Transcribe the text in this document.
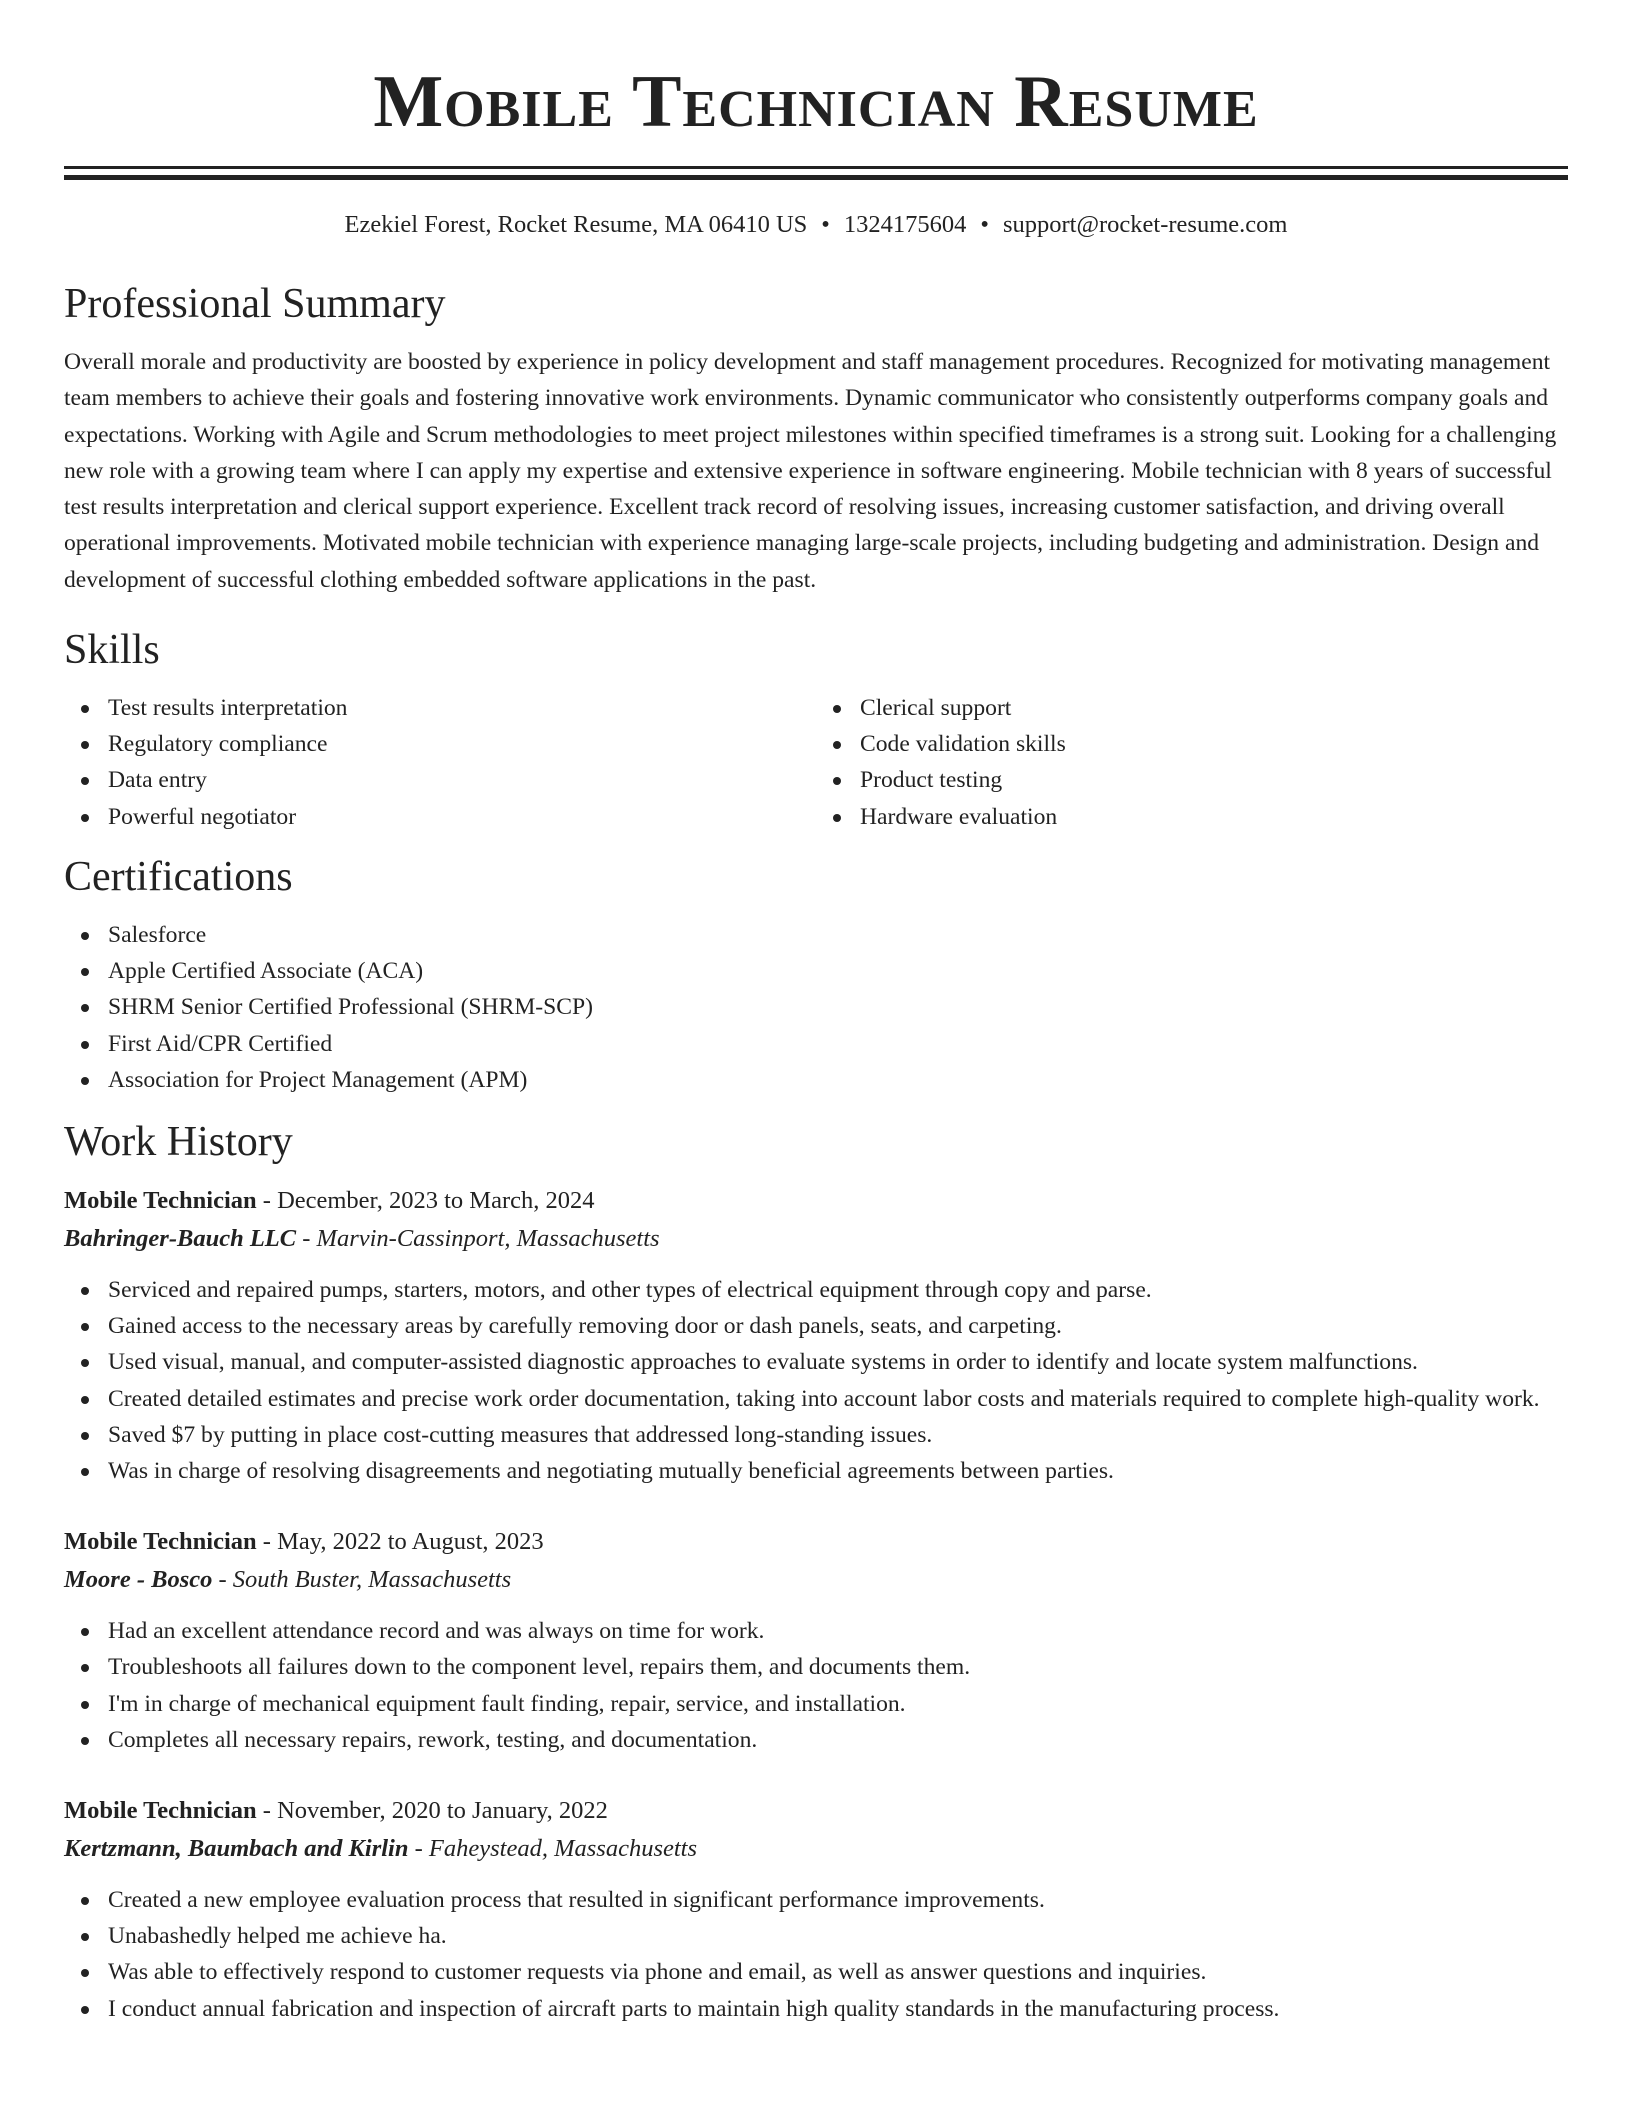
Mobile Technician Resume
Ezekiel Forest, Rocket Resume, MA 06410 US • 1324175604 • support@rocket-resume.com
Professional Summary
Overall morale and productivity are boosted by experience in policy development and staff management procedures. Recognized for motivating management team members to achieve their goals and fostering innovative work environments. Dynamic communicator who consistently outperforms company goals and expectations. Working with Agile and Scrum methodologies to meet project milestones within specified timeframes is a strong suit. Looking for a challenging new role with a growing team where I can apply my expertise and extensive experience in software engineering. Mobile technician with 8 years of successful test results interpretation and clerical support experience. Excellent track record of resolving issues, increasing customer satisfaction, and driving overall operational improvements. Motivated mobile technician with experience managing large-scale projects, including budgeting and administration. Design and development of successful clothing embedded software applications in the past.
Skills
Test results interpretation
Regulatory compliance
Data entry
Powerful negotiator
Clerical support
Code validation skills
Product testing
Hardware evaluation
Certifications
Salesforce
Apple Certified Associate (ACA)
SHRM Senior Certified Professional (SHRM-SCP)
First Aid/CPR Certified
Association for Project Management (APM)
Work History
Mobile Technician - December, 2023 to March, 2024
Bahringer-Bauch LLC - Marvin-Cassinport, Massachusetts
Serviced and repaired pumps, starters, motors, and other types of electrical equipment through copy and parse.
Gained access to the necessary areas by carefully removing door or dash panels, seats, and carpeting.
Used visual, manual, and computer-assisted diagnostic approaches to evaluate systems in order to identify and locate system malfunctions.
Created detailed estimates and precise work order documentation, taking into account labor costs and materials required to complete high-quality work.
Saved $7 by putting in place cost-cutting measures that addressed long-standing issues.
Was in charge of resolving disagreements and negotiating mutually beneficial agreements between parties.
Mobile Technician - May, 2022 to August, 2023
Moore - Bosco - South Buster, Massachusetts
Had an excellent attendance record and was always on time for work.
Troubleshoots all failures down to the component level, repairs them, and documents them.
I'm in charge of mechanical equipment fault finding, repair, service, and installation.
Completes all necessary repairs, rework, testing, and documentation.
Mobile Technician - November, 2020 to January, 2022
Kertzmann, Baumbach and Kirlin - Faheystead, Massachusetts
Created a new employee evaluation process that resulted in significant performance improvements.
Unabashedly helped me achieve ha.
Was able to effectively respond to customer requests via phone and email, as well as answer questions and inquiries.
I conduct annual fabrication and inspection of aircraft parts to maintain high quality standards in the manufacturing process.
